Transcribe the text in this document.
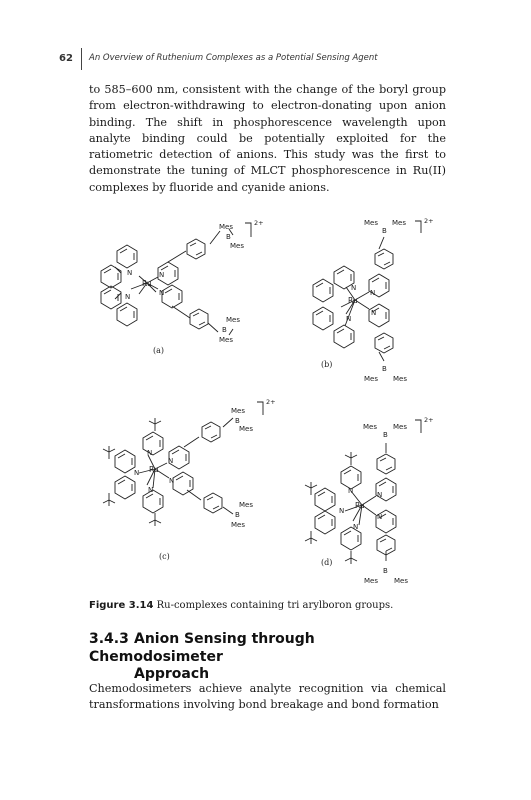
62 An Overview of Ruthenium Complexes as a Potential Sensing Agent

to 585–600 nm, consistent with the change of the boryl group from electron-withdrawing to electron-donating upon anion binding. The shift in phosphorescence wavelength upon analyte binding could be potentially exploited for the ratiometric detection of anions. This study was the first to demonstrate the tuning of MLCT phosphorescence in Ru(II) complexes by fluoride and cyanide anions.

Ru
N
N
N
N
Mes
B
Mes
Mes
B
Mes
2+
(a)
Ru
N
N
N
N
Mes Mes
B
B
Mes Mes
2+
(b)
Ru
N
N
N
N
N
Mes
B
Mes
Mes
B
Mes
2+
(c)
Ru
N
N
N
N
N
Mes Mes
B
B
Mes Mes
2+
(d)

Figure 3.14 Ru-complexes containing tri arylboron groups.

3.4.3 Anion Sensing through Chemodosimeter
Approach

Chemodosimeters achieve analyte recognition via chemical transformations involving bond breakage and bond formation
